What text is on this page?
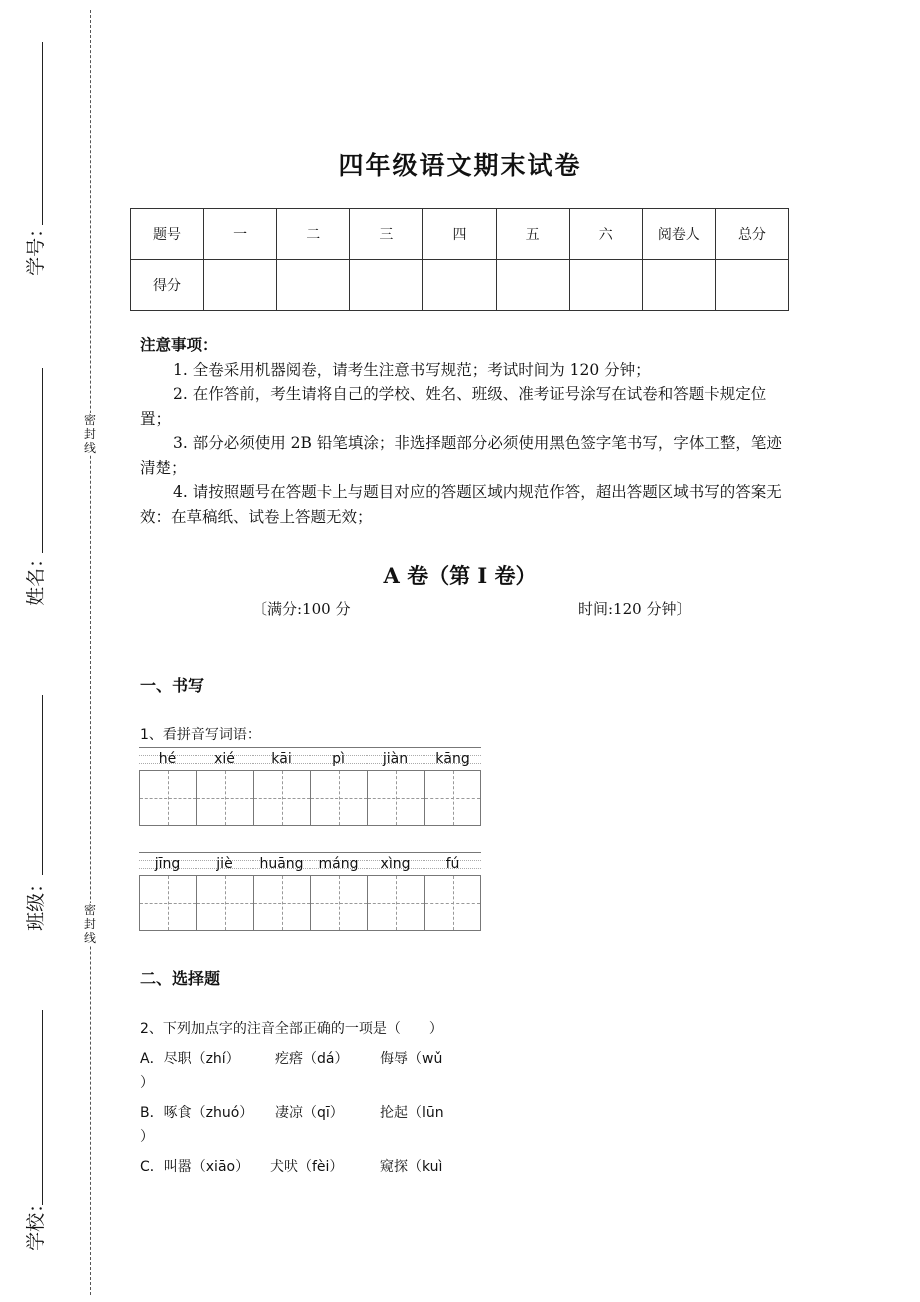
学号：
姓名：
班级：
学校：
密
封
线
密
封
线
四年级语文期末试卷
题号	一	二	三	四	五	六	阅卷人	总分
得分								
注意事项：

1. 全卷采用机器阅卷，请考生注意书写规范；考试时间为 120 分钟；

2. 在作答前，考生请将自己的学校、姓名、班级、准考证号涂写在试卷和答题卡规定位置；

3. 部分必须使用 2B 铅笔填涂；非选择题部分必须使用黑色签字笔书写，字体工整，笔迹清楚；

4. 请按照题号在答题卡上与题目对应的答题区域内规范作答，超出答题区域书写的答案无效：在草稿纸、试卷上答题无效；

A 卷（第 I 卷）
〔满分:100 分	时间:120 分钟〕
一、书写
1、看拼音写词语：
hé	xié	kāi	pì	jiàn	kāng
jīng	jiè	huāng	máng	xìng	fú
二、选择题
2、下列加点字的注音全部正确的一项是（　　）
A．尽职（zhí）	疙瘩（dá） 侮辱（wǔ
）
B．啄食（zhuó） 凄凉（qī）	抡起（lūn
）
C．叫嚣（xiāo） 犬吠（fèi）	窥探（kuì
